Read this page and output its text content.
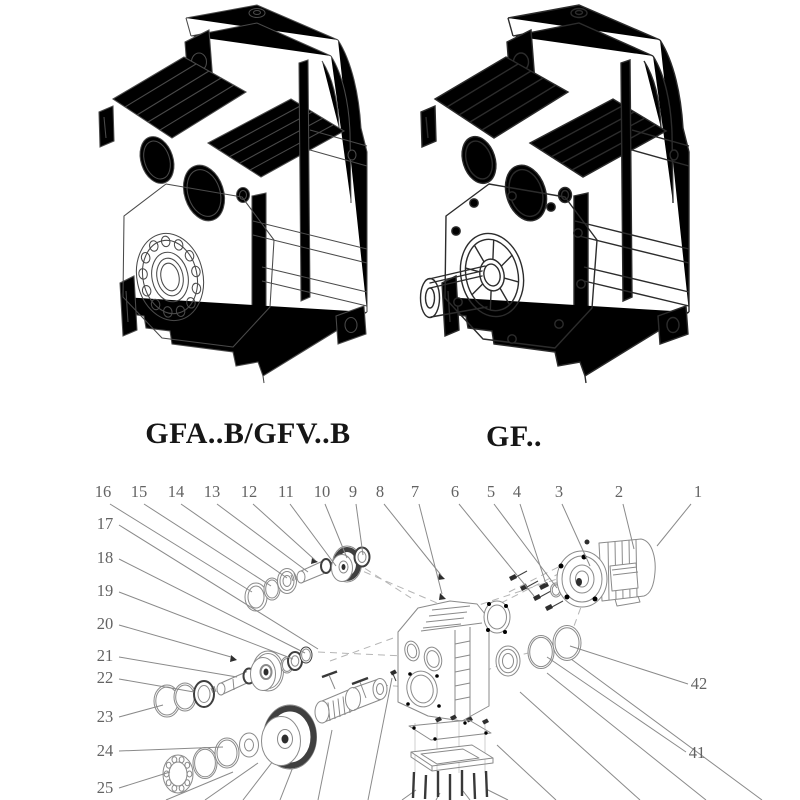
1
2
3
4
5
6
7
8
9
10
11
12
13
14
15
16
17
18
19
20
21
22
23
24
25
42
41
GFA..B/GFV..B	GF..
